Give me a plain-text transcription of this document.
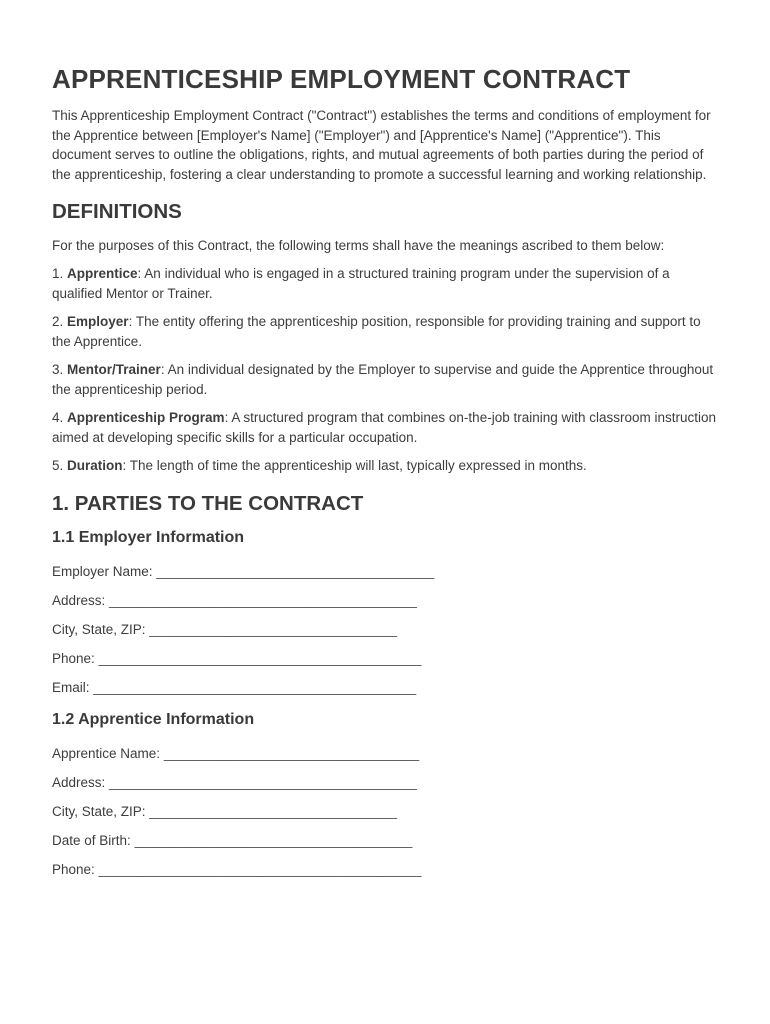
APPRENTICESHIP EMPLOYMENT CONTRACT

This Apprenticeship Employment Contract ("Contract") establishes the terms and conditions of employment for the Apprentice between [Employer's Name] ("Employer") and [Apprentice's Name] ("Apprentice"). This document serves to outline the obligations, rights, and mutual agreements of both parties during the period of the apprenticeship, fostering a clear understanding to promote a successful learning and working relationship.

DEFINITIONS

For the purposes of this Contract, the following terms shall have the meanings ascribed to them below:

1. Apprentice: An individual who is engaged in a structured training program under the supervision of a qualified Mentor or Trainer.

2. Employer: The entity offering the apprenticeship position, responsible for providing training and support to the Apprentice.

3. Mentor/Trainer: An individual designated by the Employer to supervise and guide the Apprentice throughout the apprenticeship period.

4. Apprenticeship Program: A structured program that combines on-the-job training with classroom instruction aimed at developing specific skills for a particular occupation.

5. Duration: The length of time the apprenticeship will last, typically expressed in months.

1. PARTIES TO THE CONTRACT
1.1 Employer Information

Employer Name: _____________________________________

Address: _________________________________________

City, State, ZIP: _________________________________

Phone: ___________________________________________

Email: ___________________________________________

1.2 Apprentice Information

Apprentice Name: __________________________________

Address: _________________________________________

City, State, ZIP: _________________________________

Date of Birth: _____________________________________

Phone: ___________________________________________
